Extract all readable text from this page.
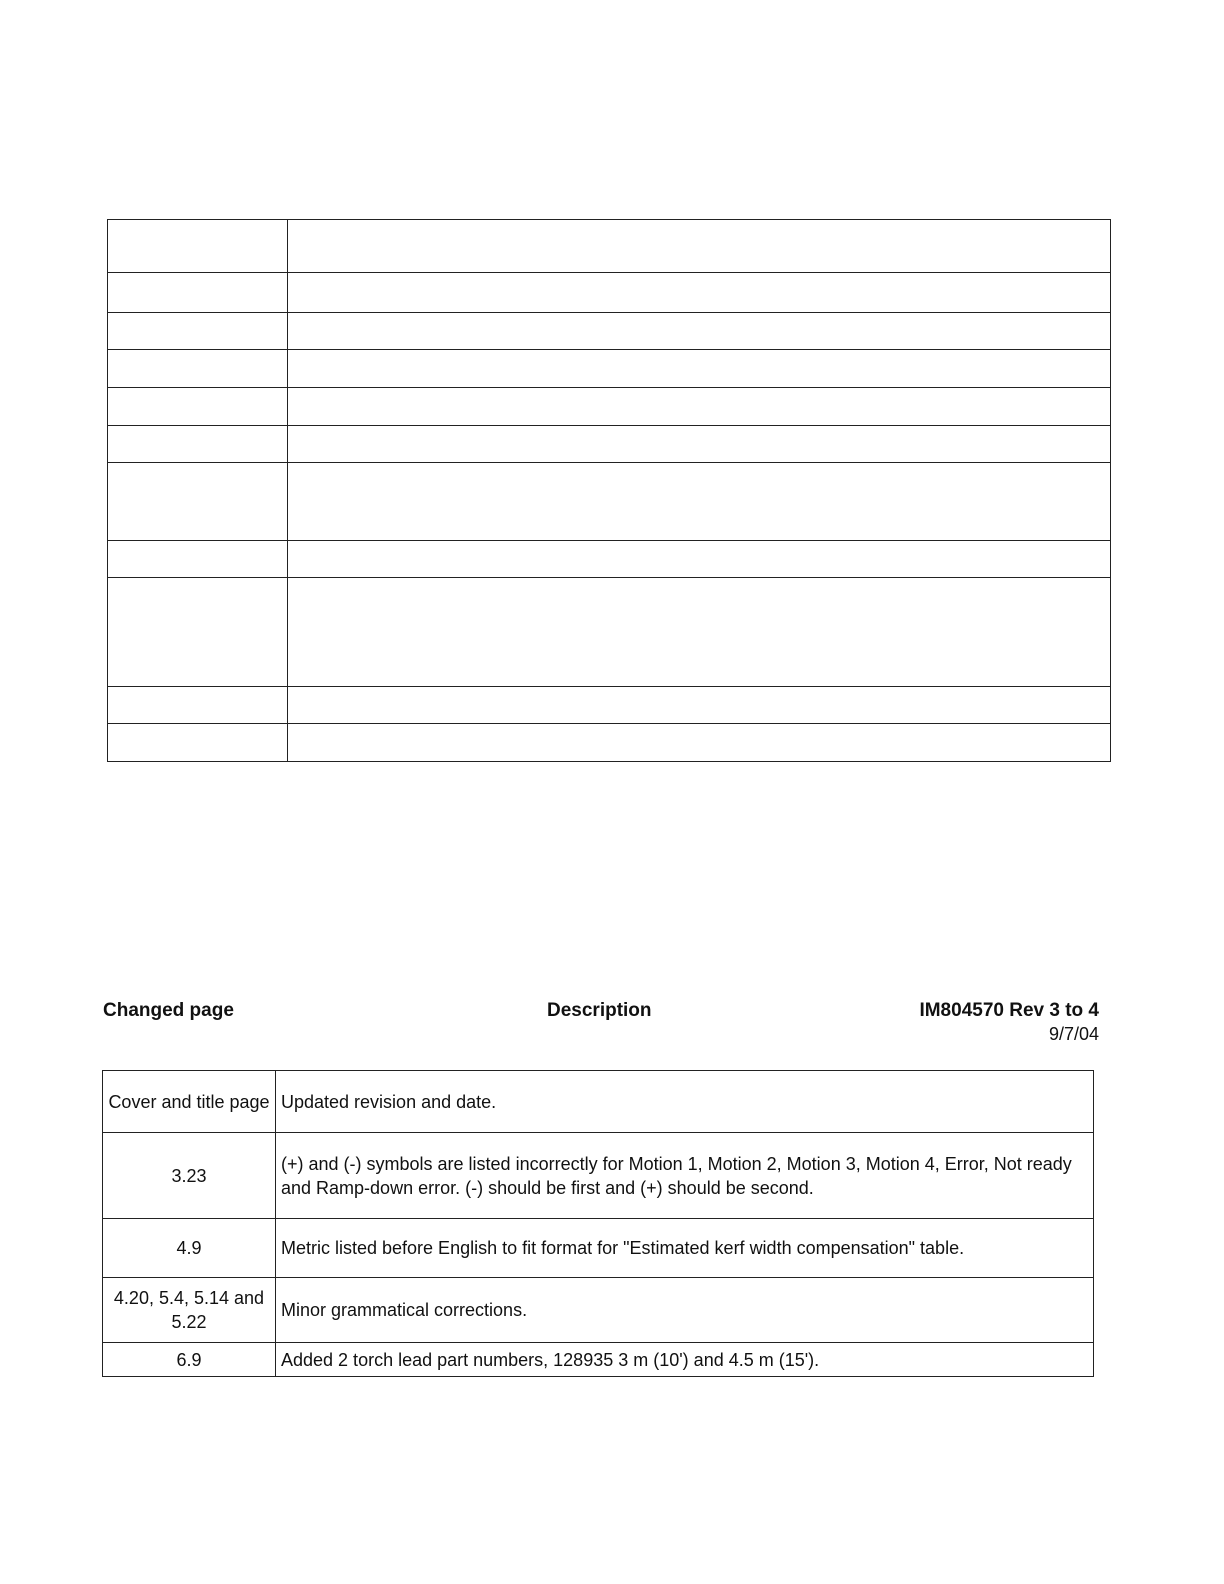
Changed page	Description	IM804570 Rev 3 to 4
9/7/04
Cover and title page	Updated revision and date.
3.23	(+) and (-) symbols are listed incorrectly for Motion 1, Motion 2, Motion 3, Motion 4, Error, Not ready and Ramp-down error. (-) should be first and (+) should be second.
4.9	Metric listed before English to fit format for "Estimated kerf width compensation" table.
4.20, 5.4, 5.14 and 5.22	Minor grammatical corrections.
6.9	Added 2 torch lead part numbers, 128935 3 m (10') and 4.5 m (15').
